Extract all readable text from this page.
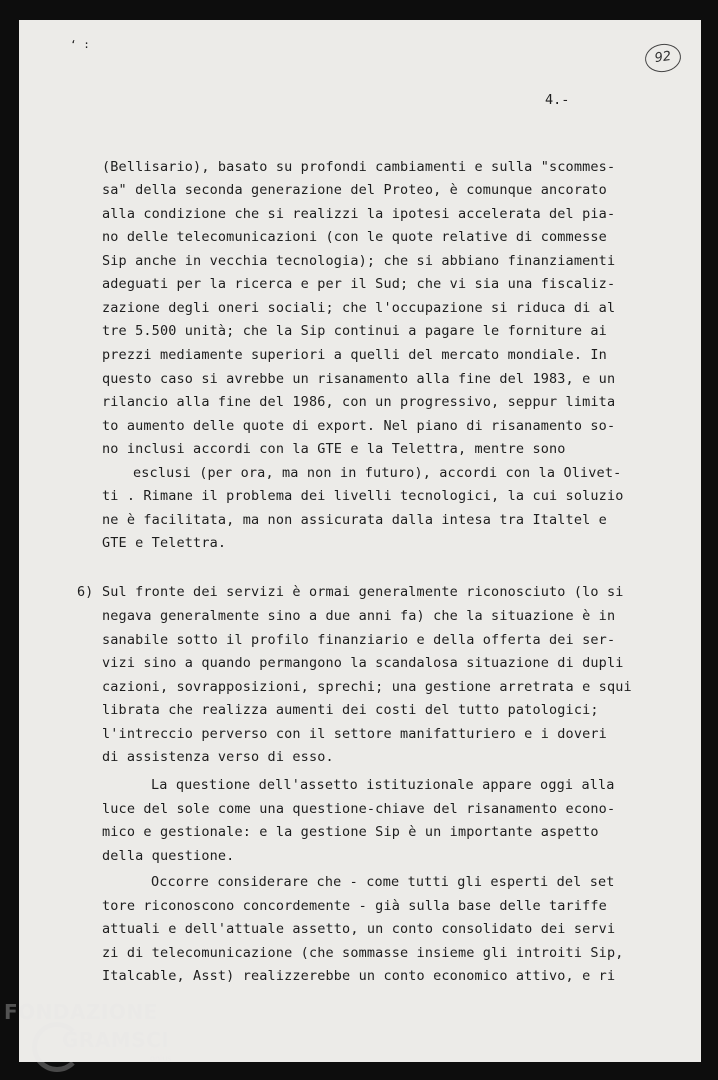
‘ :
92
4.-
6)
(Bellisario), basato su profondi cambiamenti e sulla "scommes-
sa" della seconda generazione del Proteo, è comunque ancorato
alla condizione che si realizzi la ipotesi accelerata del pia-
no delle telecomunicazioni (con le quote relative di commesse
Sip anche in vecchia tecnologia); che si abbiano finanziamenti
adeguati per la ricerca e per il Sud; che vi sia una fiscaliz-
zazione degli oneri sociali; che l'occupazione si riduca di al
tre 5.500 unità; che la Sip continui a pagare le forniture ai
prezzi mediamente superiori a quelli del mercato mondiale. In
questo caso si avrebbe un risanamento alla fine del 1983, e un
rilancio alla fine del 1986, con un progressivo, seppur limita
to aumento delle quote di export. Nel piano di risanamento so-
no inclusi accordi con la GTE e la Telettra, mentre sono
esclusi (per ora, ma non in futuro), accordi con la Olivet-
ti . Rimane il problema dei livelli tecnologici, la cui soluzio
ne è facilitata, ma non assicurata dalla intesa tra Italtel e
GTE e Telettra.
Sul fronte dei servizi è ormai generalmente riconosciuto (lo si
negava generalmente sino a due anni fa) che la situazione è in
sanabile sotto il profilo finanziario e della offerta dei ser-
vizi sino a quando permangono la scandalosa situazione di dupli
cazioni, sovrapposizioni, sprechi; una gestione arretrata e squi
librata che realizza aumenti dei costi del tutto patologici;
l'intreccio perverso con il settore manifatturiero e i doveri
di assistenza verso di esso.
La questione dell'assetto istituzionale appare oggi alla
luce del sole come una questione-chiave del risanamento econo-
mico e gestionale: e la gestione Sip è un importante aspetto
della questione.
Occorre considerare che - come tutti gli esperti del set
tore riconoscono concordemente - già sulla base delle tariffe
attuali e dell'attuale assetto, un conto consolidato dei servi
zi di telecomunicazione (che sommasse insieme gli introiti Sip,
Italcable, Asst) realizzerebbe un conto economico attivo, e ri
FONDAZIONE
GRAMSCI
onlus
